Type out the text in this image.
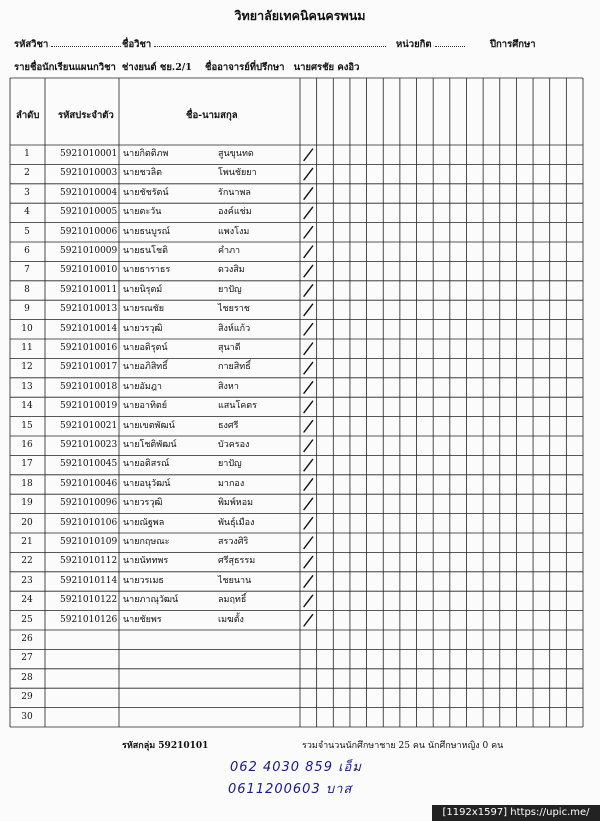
วิทยาลัยเทคนิคนครพนม
รหัสวิชา	ชื่อวิชา	หน่วยกิต	ปีการศึกษา
รายชื่อนักเรียนแผนกวิชา ช่างยนต์ ชย.2/1 ชื่ออาจารย์ที่ปรึกษา นายศรชัย คงอิว
ลำดับ รหัสประจำตัว	ชื่อ-นามสกุล
1	5921010001 นายกิตติภพ	สูนขุนทด
2	5921010003 นายชวลิต	โพนชัยยา
3	5921010004 นายชัชรัตน์	รักนาพล
4	5921010005 นายตะวัน	องค์แช่ม
5	5921010006 นายธนบูรณ์	แพงโงม
6	5921010009 นายธนโชติ	คำภา
7	5921010010 นายธาราธร	ดวงสิม
8	5921010011 นายนิรุตม์	ยาปัญ
9	5921010013 นายรณชัย	ไชยราช
10	5921010014 นายวรวุฒิ	สิงห์แก้ว
11	5921010016 นายอดิรุตน์	สุนาดี
12	5921010017 นายอภิสิทธิ์	กายสิทธิ์
13	5921010018 นายอัมฎา	สิงหา
14	5921010019 นายอาทิตย์	แสนโคตร
15	5921010021 นายเขตพัฒน์	ธงศรี
16	5921010023 นายโชติพัฒน์	บัวครอง
17	5921010045 นายอติสรณ์	ยาปัญ
18	5921010046 นายอนุวัฒน์	มากอง
19	5921010096 นายวรวุฒิ	พิมพ์หอม
20	5921010106 นายณัฐพล	พันธุ์เมือง
21	5921010109 นายกฤษณะ	สรวงศิริ
22	5921010112 นายนัททพร	ศรีสุธรรม
23	5921010114 นายวรเมธ	ไชยนาน
24	5921010122 นายภาณุวัฒน์	ลมฤทธิ์
25	5921010126 นายชัยพร	เมฆตั้ง
26
27
28
29
30
รหัสกลุ่ม 59210101	รวมจำนวนนักศึกษาชาย 25 คน นักศึกษาหญิง 0 คน
062 4030 859 เอ็ม
0611200603 บาส
[1192x1597] https://upic.me/
